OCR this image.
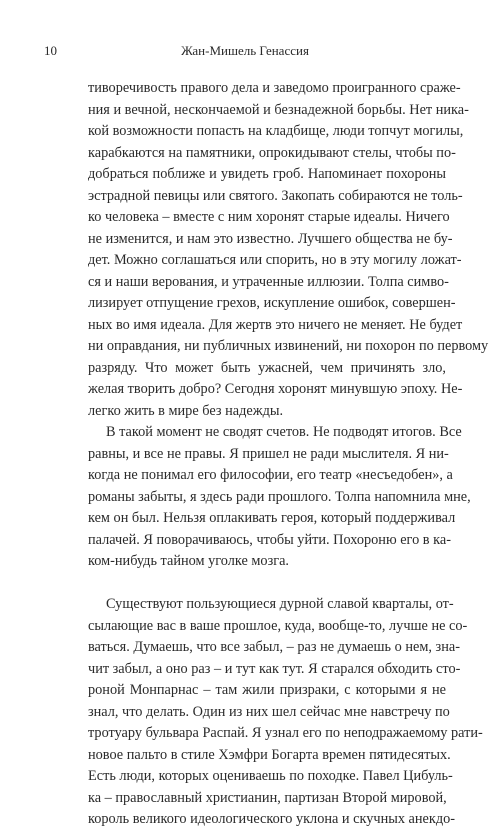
10	Жан-Мишель Генассия
тиворечивость правого дела и заведомо проигранного сраже-
ния и вечной, нескончаемой и безнадежной борьбы. Нет ника-
кой возможности попасть на кладбище, люди топчут могилы,
карабкаются на памятники, опрокидывают стелы, чтобы по-
добраться поближе и увидеть гроб. Напоминает похороны
эстрадной певицы или святого. Закопать собираются не толь-
ко человека – вместе с ним хоронят старые идеалы. Ничего
не изменится, и нам это известно. Лучшего общества не бу-
дет. Можно соглашаться или спорить, но в эту могилу ложат-
ся и наши верования, и утраченные иллюзии. Толпа симво-
лизирует отпущение грехов, искупление ошибок, совершен-
ных во имя идеала. Для жертв это ничего не меняет. Не будет
ни оправдания, ни публичных извинений, ни похорон по первому
разряду. Что может быть ужасней, чем причинять зло,
желая творить добро? Сегодня хоронят минувшую эпоху. Не-
легко жить в мире без надежды.
В такой момент не сводят счетов. Не подводят итогов. Все
равны, и все не правы. Я пришел не ради мыслителя. Я ни-
когда не понимал его философии, его театр «несъедобен», а
романы забыты, я здесь ради прошлого. Толпа напомнила мне,
кем он был. Нельзя оплакивать героя, который поддерживал
палачей. Я поворачиваюсь, чтобы уйти. Похороню его в ка-
ком-нибудь тайном уголке мозга.
Существуют пользующиеся дурной славой кварталы, от-
сылающие вас в ваше прошлое, куда, вообще-то, лучше не со-
ваться. Думаешь, что все забыл, – раз не думаешь о нем, зна-
чит забыл, а оно раз – и тут как тут. Я старался обходить сто-
роной Монпарнас – там жили призраки, с которыми я не
знал, что делать. Один из них шел сейчас мне навстречу по
тротуару бульвара Распай. Я узнал его по неподражаемому рати-
новое пальто в стиле Хэмфри Богарта времен пятидесятых.
Есть люди, которых оцениваешь по походке. Павел Цибуль-
ка – православный христианин, партизан Второй мировой,
король великого идеологического уклона и скучных анекдо-
